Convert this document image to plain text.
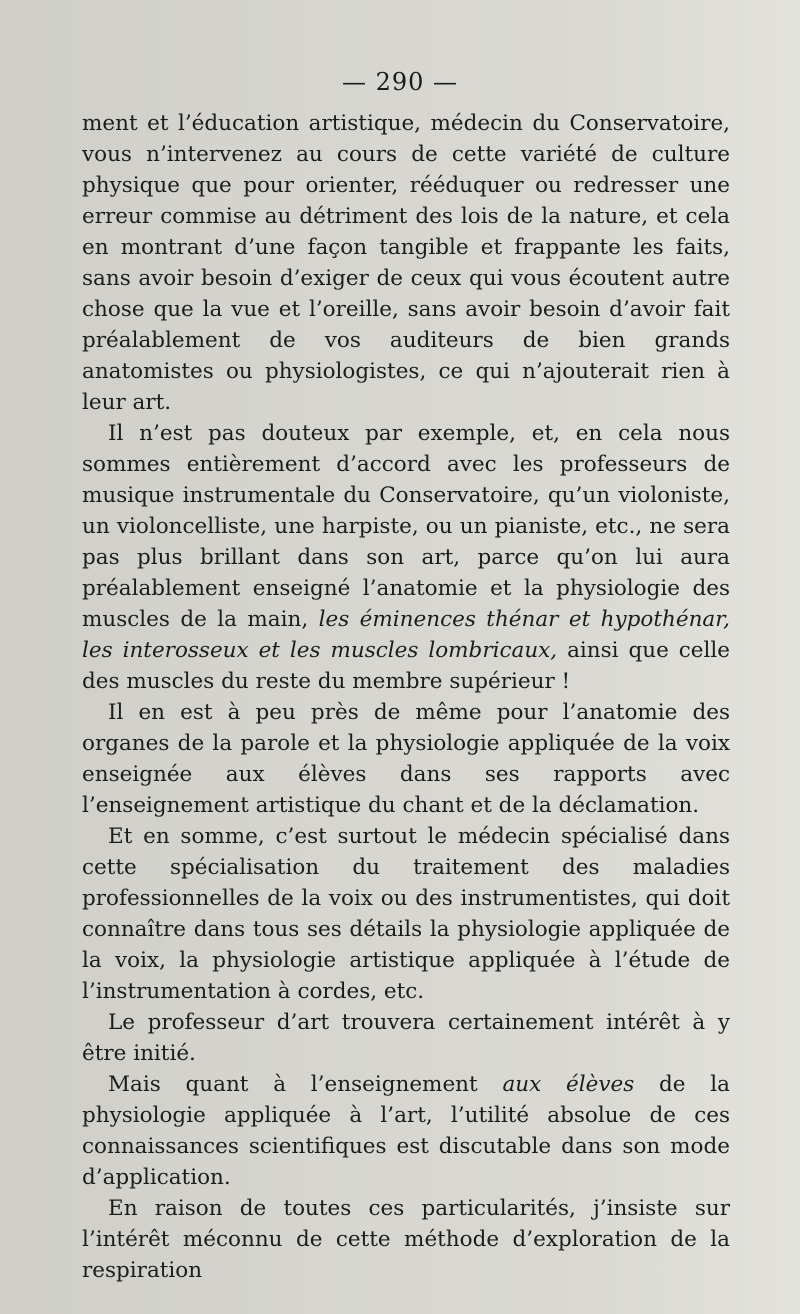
— 290 —

ment et l’éducation artistique, médecin du Conservatoire, vous n’intervenez au cours de cette variété de culture physique que pour orienter, rééduquer ou redresser une erreur commise au détriment des lois de la nature, et cela en montrant d’une façon tangible et frappante les faits, sans avoir besoin d’exiger de ceux qui vous écoutent autre chose que la vue et l’oreille, sans avoir besoin d’avoir fait préalablement de vos auditeurs de bien grands anatomistes ou physiologistes, ce qui n’ajouterait rien à leur art.

Il n’est pas douteux par exemple, et, en cela nous sommes entièrement d’accord avec les professeurs de musique instrumentale du Conservatoire, qu’un violoniste, un violoncelliste, une harpiste, ou un pianiste, etc., ne sera pas plus brillant dans son art, parce qu’on lui aura préalablement enseigné l’anatomie et la physiologie des muscles de la main, les éminences thénar et hypothénar, les interosseux et les muscles lombricaux, ainsi que celle des muscles du reste du membre supérieur !

Il en est à peu près de même pour l’anatomie des organes de la parole et la physiologie appliquée de la voix enseignée aux élèves dans ses rapports avec l’enseignement artistique du chant et de la déclamation.

Et en somme, c’est surtout le médecin spécialisé dans cette spécialisation du traitement des maladies professionnelles de la voix ou des instrumentistes, qui doit connaître dans tous ses détails la physiologie appliquée de la voix, la physiologie artistique appliquée à l’étude de l’instrumentation à cordes, etc.

Le professeur d’art trouvera certainement intérêt à y être initié.

Mais quant à l’enseignement aux élèves de la physiologie appliquée à l’art, l’utilité absolue de ces connaissances scientifiques est discutable dans son mode d’application.

En raison de toutes ces particularités, j’insiste sur l’intérêt méconnu de cette méthode d’exploration de la respiration
